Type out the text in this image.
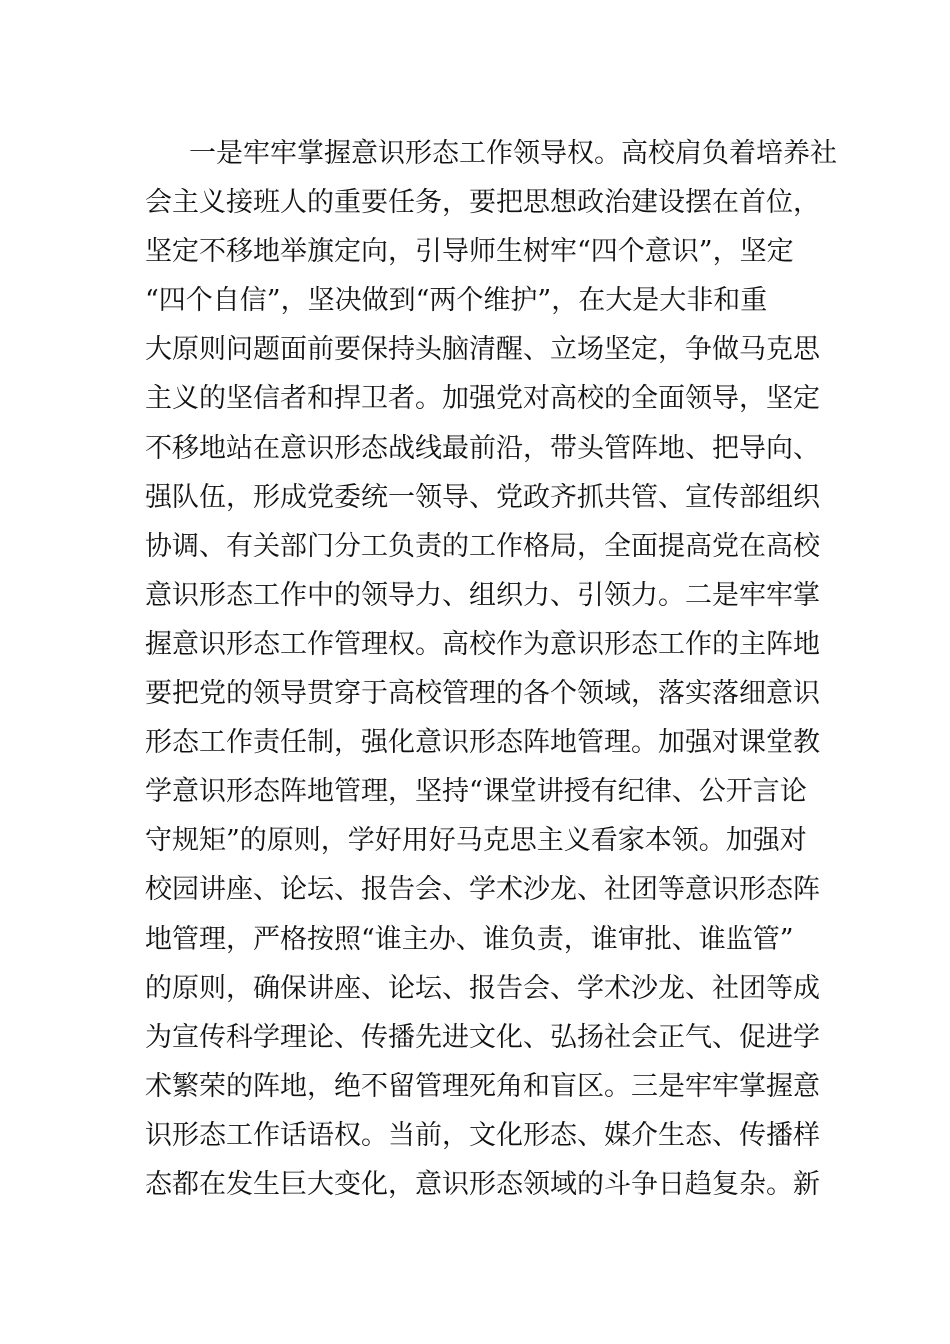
一是牢牢掌握意识形态工作领导权。高校肩负着培养社
会主义接班人的重要任务，要把思想政治建设摆在首位，
坚定不移地举旗定向，引导师生树牢“四个意识”，坚定
“四个自信”，坚决做到“两个维护”，在大是大非和重
大原则问题面前要保持头脑清醒、立场坚定，争做马克思
主义的坚信者和捍卫者。加强党对高校的全面领导，坚定
不移地站在意识形态战线最前沿，带头管阵地、把导向、
强队伍，形成党委统一领导、党政齐抓共管、宣传部组织
协调、有关部门分工负责的工作格局，全面提高党在高校
意识形态工作中的领导力、组织力、引领力。二是牢牢掌
握意识形态工作管理权。高校作为意识形态工作的主阵地
要把党的领导贯穿于高校管理的各个领域，落实落细意识
形态工作责任制，强化意识形态阵地管理。加强对课堂教
学意识形态阵地管理，坚持“课堂讲授有纪律、公开言论
守规矩”的原则，学好用好马克思主义看家本领。加强对
校园讲座、论坛、报告会、学术沙龙、社团等意识形态阵
地管理，严格按照“谁主办、谁负责，谁审批、谁监管”
的原则，确保讲座、论坛、报告会、学术沙龙、社团等成
为宣传科学理论、传播先进文化、弘扬社会正气、促进学
术繁荣的阵地，绝不留管理死角和盲区。三是牢牢掌握意
识形态工作话语权。当前，文化形态、媒介生态、传播样
态都在发生巨大变化，意识形态领域的斗争日趋复杂。新
